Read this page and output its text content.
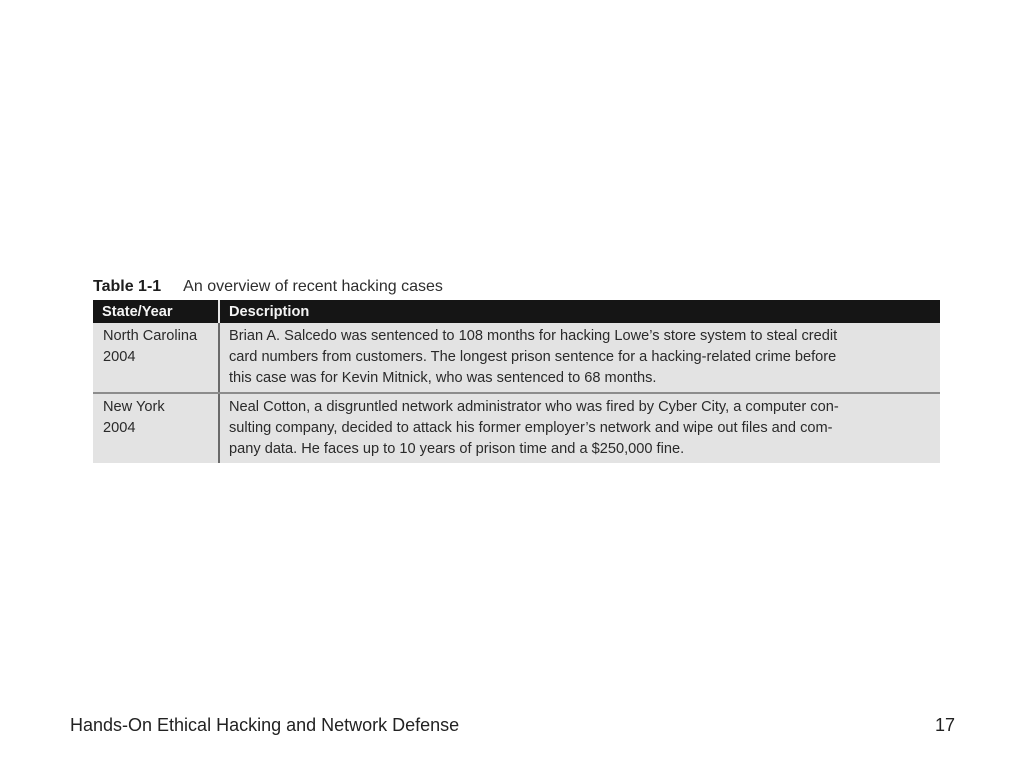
Table 1-1 An overview of recent hacking cases
State/Year	Description

North Carolina
2004	Brian A. Salcedo was sentenced to 108 months for hacking Lowe’s store system to steal credit
card numbers from customers. The longest prison sentence for a hacking-related crime before
this case was for Kevin Mitnick, who was sentenced to 68 months.

New York
2004	Neal Cotton, a disgruntled network administrator who was fired by Cyber City, a computer con-
sulting company, decided to attack his former employer’s network and wipe out files and com-
pany data. He faces up to 10 years of prison time and a $250,000 fine.
Hands-On Ethical Hacking and Network Defense	17
